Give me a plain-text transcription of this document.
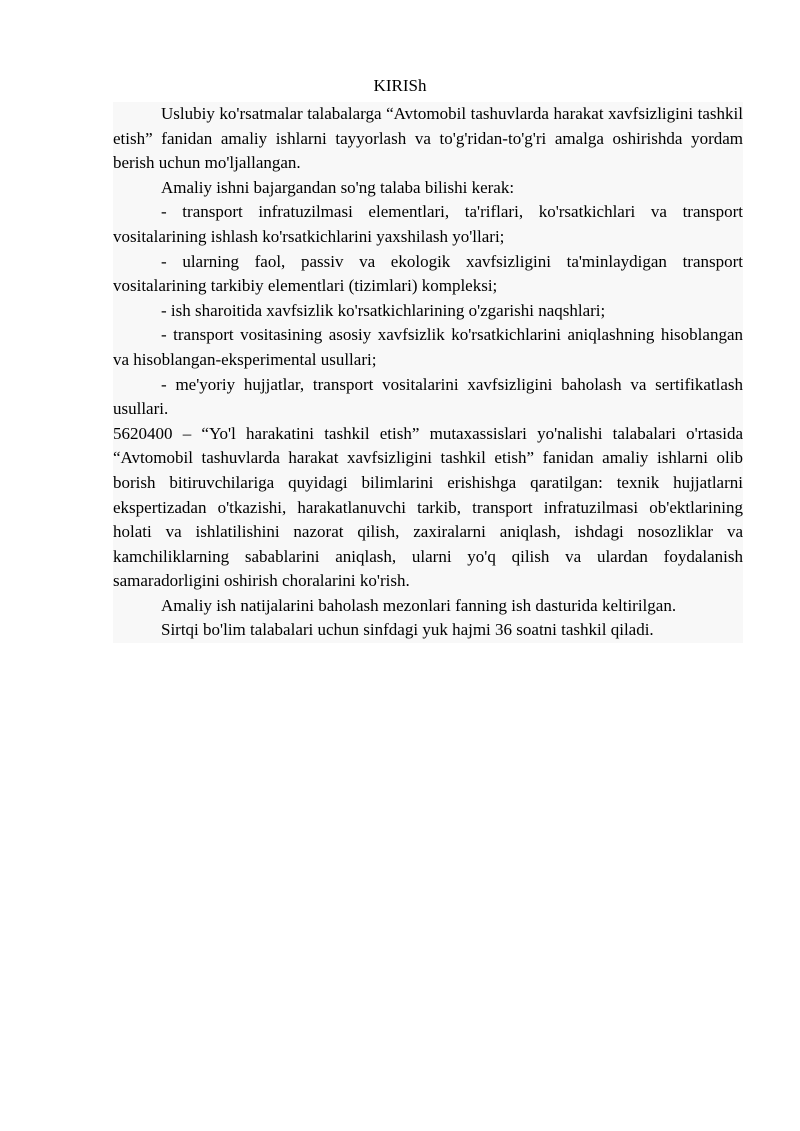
KIRISh

Uslubiy ko'rsatmalar talabalarga “Avtomobil tashuvlarda harakat xavfsizligini tashkil etish” fanidan amaliy ishlarni tayyorlash va to'g'ridan-to'g'ri amalga oshirishda yordam berish uchun mo'ljallangan.

Amaliy ishni bajargandan so'ng talaba bilishi kerak:

- transport infratuzilmasi elementlari, ta'riflari, ko'rsatkichlari va transport vositalarining ishlash ko'rsatkichlarini yaxshilash yo'llari;

- ularning faol, passiv va ekologik xavfsizligini ta'minlaydigan transport vositalarining tarkibiy elementlari (tizimlari) kompleksi;

- ish sharoitida xavfsizlik ko'rsatkichlarining o'zgarishi naqshlari;

- transport vositasining asosiy xavfsizlik ko'rsatkichlarini aniqlashning hisoblangan va hisoblangan-eksperimental usullari;

- me'yoriy hujjatlar, transport vositalarini xavfsizligini baholash va sertifikatlash usullari.

5620400 – “Yo'l harakatini tashkil etish” mutaxassislari yo'nalishi talabalari o'rtasida “Avtomobil tashuvlarda harakat xavfsizligini tashkil etish” fanidan amaliy ishlarni olib borish bitiruvchilariga quyidagi bilimlarini erishishga qaratilgan: texnik hujjatlarni ekspertizadan o'tkazishi, harakatlanuvchi tarkib, transport infratuzilmasi ob'ektlarining holati va ishlatilishini nazorat qilish, zaxiralarni aniqlash, ishdagi nosozliklar va kamchiliklarning sabablarini aniqlash, ularni yo'q qilish va ulardan foydalanish samaradorligini oshirish choralarini ko'rish.

Amaliy ish natijalarini baholash mezonlari fanning ish dasturida keltirilgan.

Sirtqi bo'lim talabalari uchun sinfdagi yuk hajmi 36 soatni tashkil qiladi.
